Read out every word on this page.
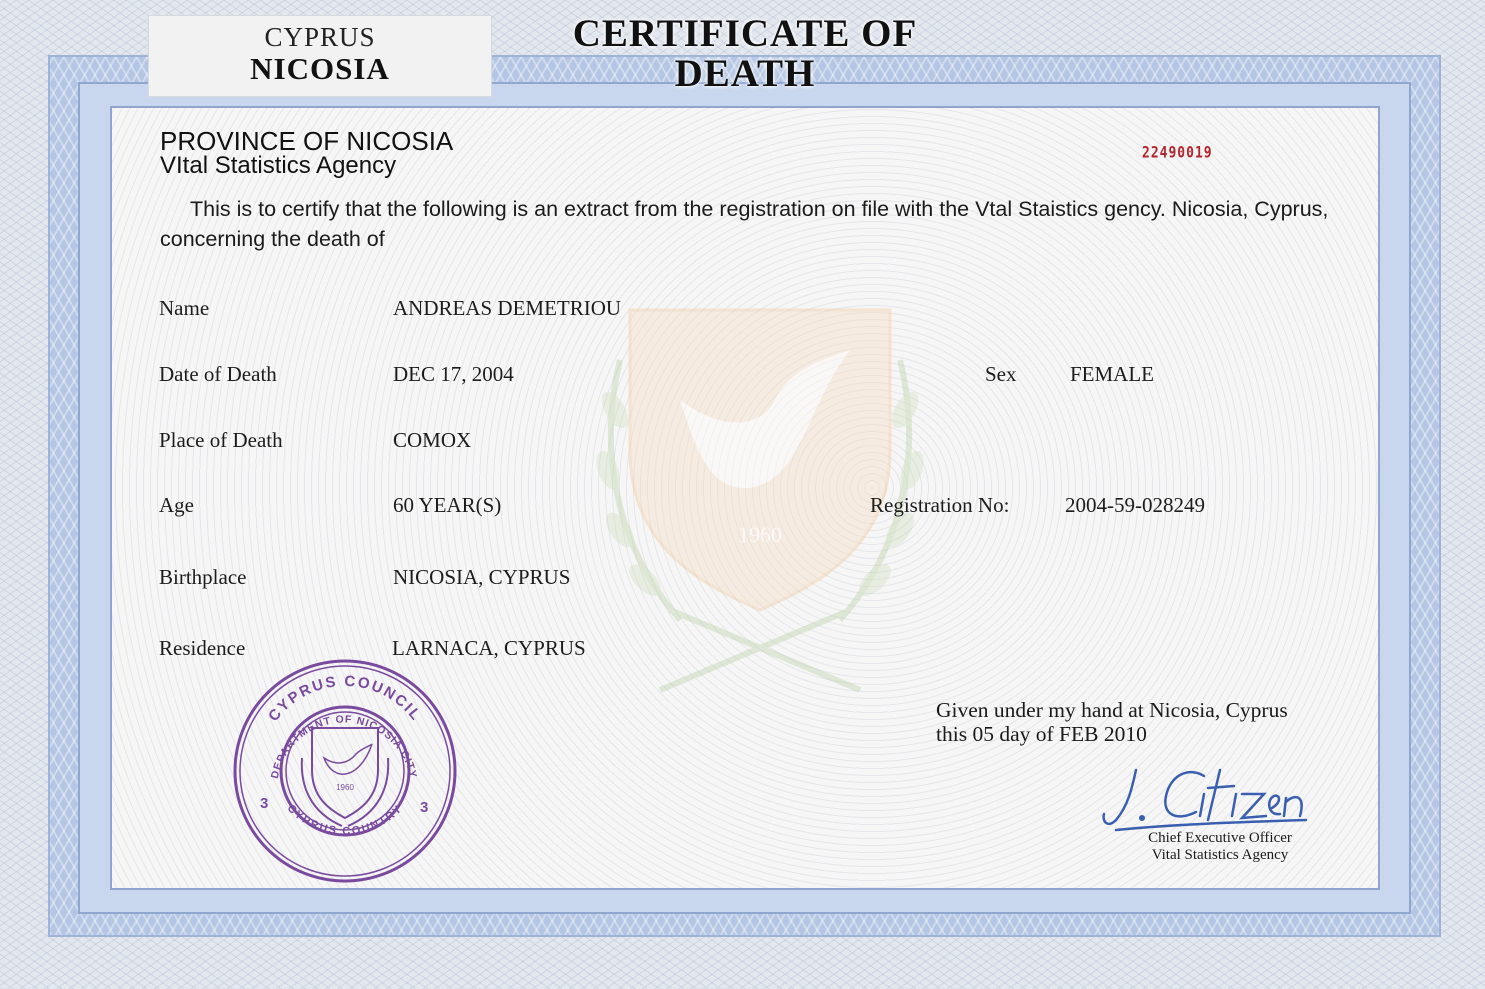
CYPRUS
NICOSIA
CERTIFICATE OF
DEATH
1960
PROVINCE OF NICOSIA
VItal Statistics Agency	22490019
This is to certify that the following is an extract from the registration on file with the Vtal Staistics gency. Nicosia, Cyprus, concerning the death of
Name	ANDREAS DEMETRIOU
Date of Death	DEC 17, 2004	Sex	FEMALE
Place of Death	COMOX
Age	60 YEAR(S)	Registration No:	2004-59-028249
Birthplace	NICOSIA, CYPRUS
Residence	LARNACA, CYPRUS
CYPRUS COUNCIL
DEPARTMENT OF NICOSIA CITY
CYPRUS COUNTRY
3	3
1960
Given under my hand at Nicosia, Cyprus
this 05 day of FEB 2010
Chief Executive Officer
Vital Statistics Agency
